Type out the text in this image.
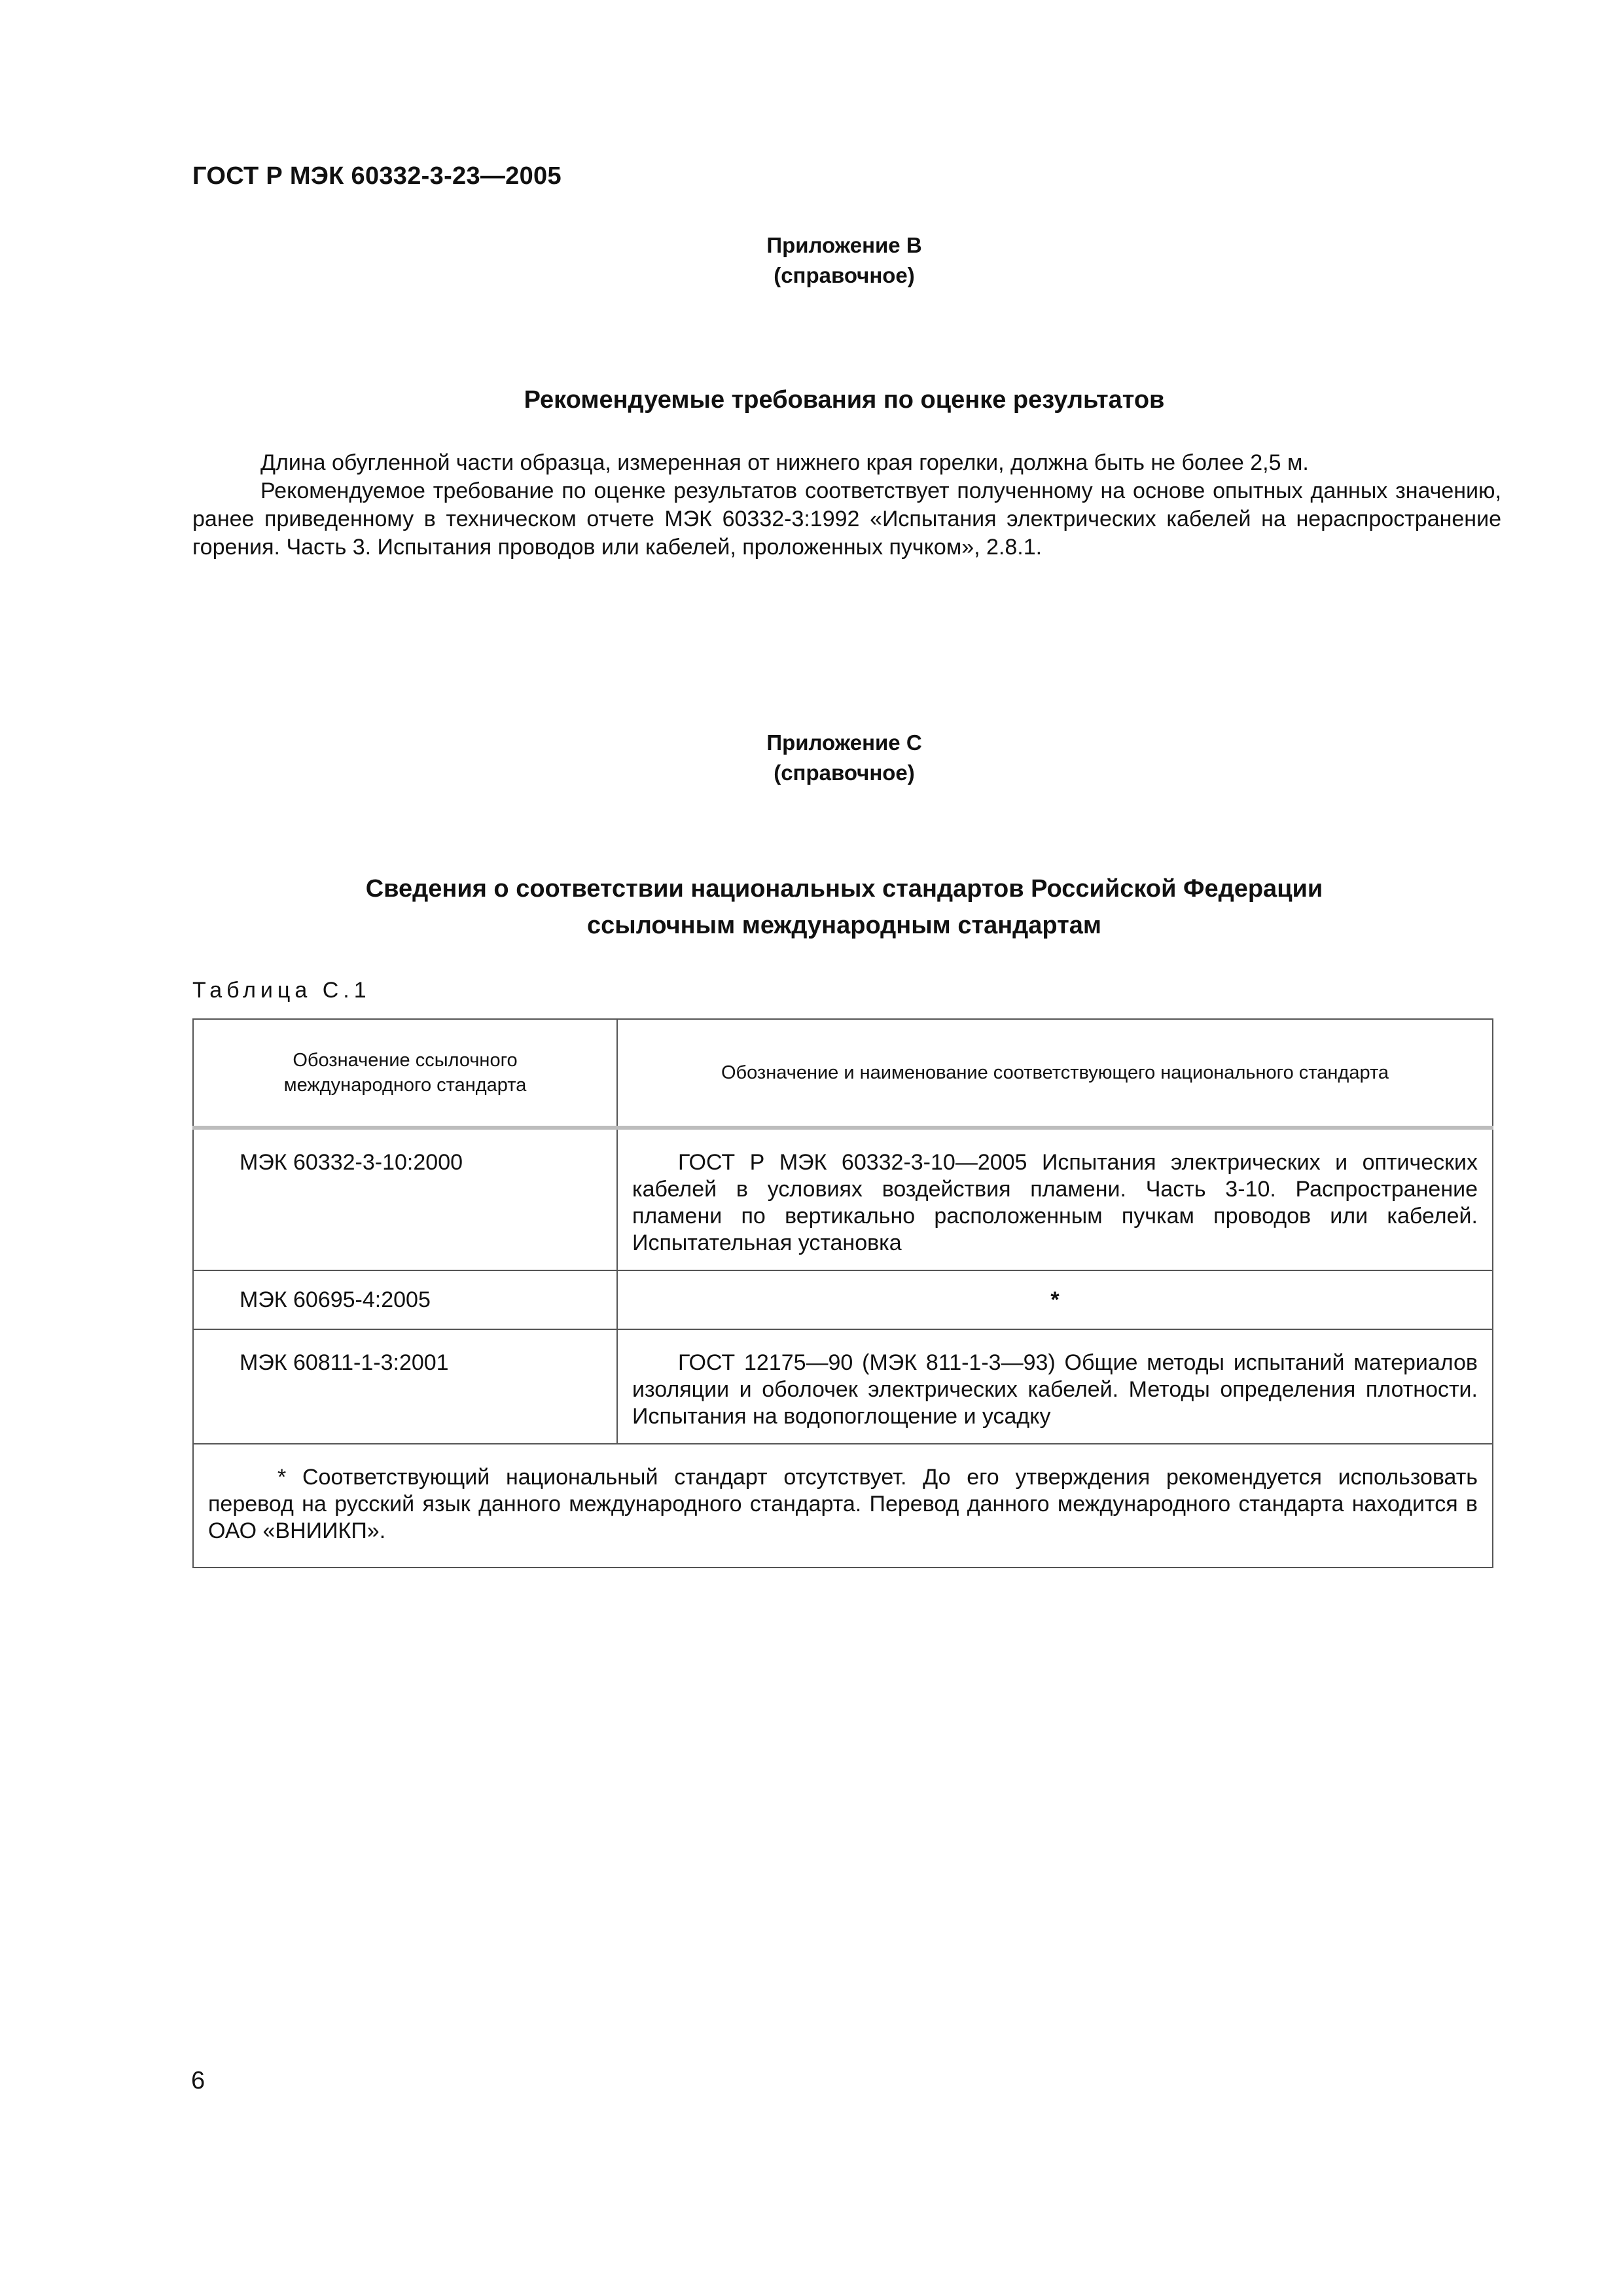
ГОСТ Р МЭК 60332-3-23—2005
Приложение В
(справочное)
Рекомендуемые требования по оценке результатов

Длина обугленной части образца, измеренная от нижнего края горелки, должна быть не более 2,5 м.

Рекомендуемое требование по оценке результатов соответствует полученному на основе опытных данных значению, ранее приведенному в техническом отчете МЭК 60332-3:1992 «Испытания электрических кабелей на нераспространение горения. Часть 3. Испытания проводов или кабелей, проложенных пучком», 2.8.1.

Приложение С
(справочное)
Сведения о соответствии национальных стандартов Российской Федерации
ссылочным международным стандартам
Таблица С.1
Обозначение ссылочного международного стандарта	Обозначение и наименование соответствующего национального стандарта
МЭК 60332-3-10:2000	ГОСТ Р МЭК 60332-3-10—2005 Испытания электрических и оптических кабелей в условиях воздействия пламени. Часть 3-10. Распространение пламени по вертикально расположенным пучкам проводов или кабелей. Испытательная установка

МЭК 60695-4:2005	*
МЭК 60811-1-3:2001	ГОСТ 12175—90 (МЭК 811-1-3—93) Общие методы испытаний материалов изоляции и оболочек электрических кабелей. Методы определения плотности. Испытания на водопоглощение и усадку

* Соответствующий национальный стандарт отсутствует. До его утверждения рекомендуется использовать перевод на русский язык данного международного стандарта. Перевод данного международного стандарта находится в ОАО «ВНИИКП».	
6
